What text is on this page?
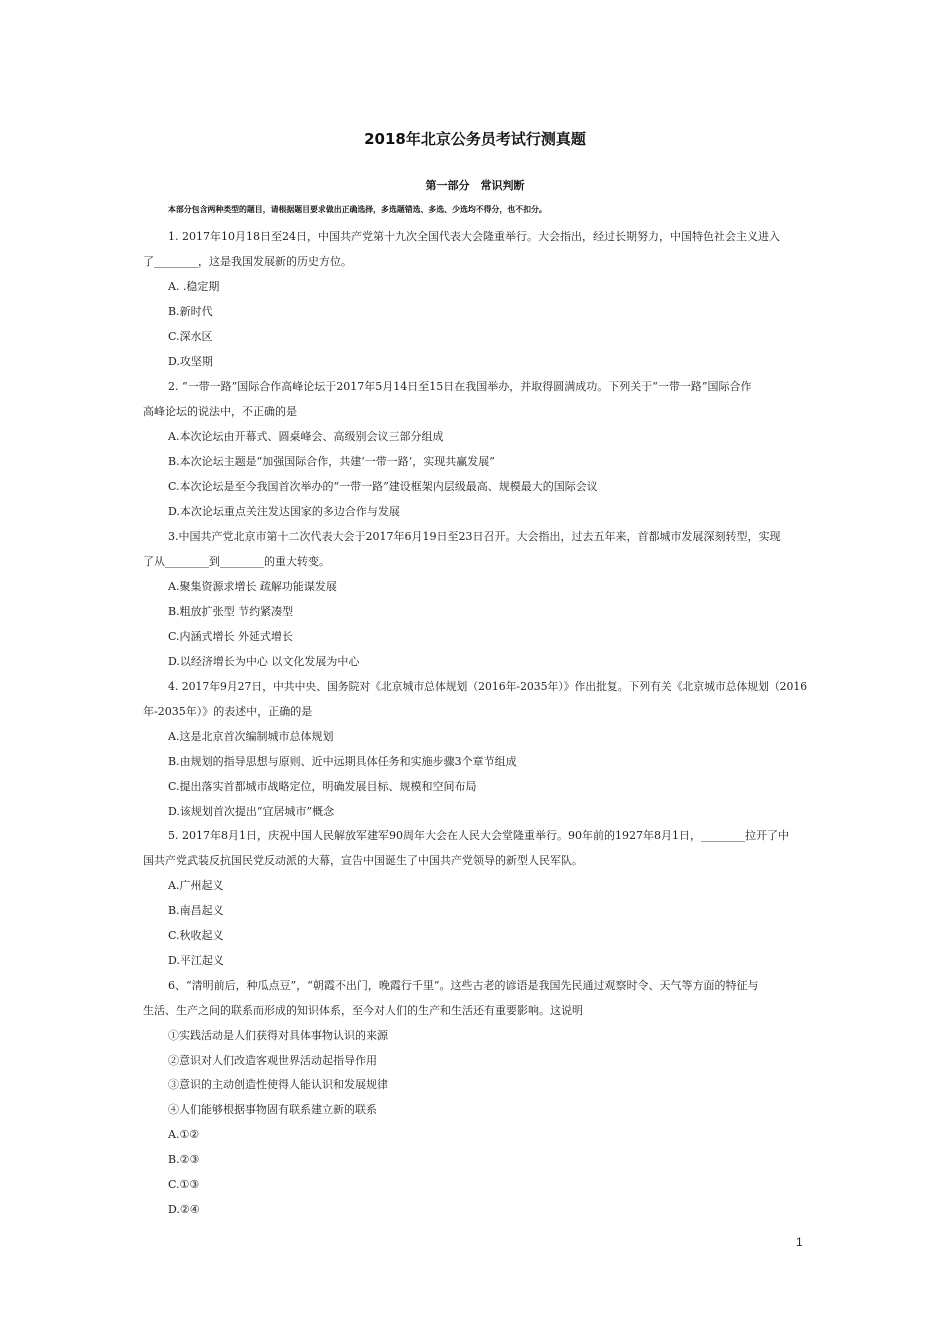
2018年北京公务员考试行测真题
第一部分　常识判断
本部分包含两种类型的题目，请根据题目要求做出正确选择，多选题错选、多选、少选均不得分，也不扣分。
1. 2017年10月18日至24日，中国共产党第十九次全国代表大会隆重举行。大会指出，经过长期努力，中国特色社会主义进入
了________，这是我国发展新的历史方位。
A. .稳定期
B.新时代
C.深水区
D.攻坚期
2. “一带一路”国际合作高峰论坛于2017年5月14日至15日在我国举办，并取得圆满成功。下列关于“一带一路”国际合作
高峰论坛的说法中，不正确的是
A.本次论坛由开幕式、圆桌峰会、高级别会议三部分组成
B.本次论坛主题是“加强国际合作，共建‘一带一路’，实现共赢发展”
C.本次论坛是至今我国首次举办的“一带一路”建设框架内层级最高、规模最大的国际会议
D.本次论坛重点关注发达国家的多边合作与发展
3.中国共产党北京市第十二次代表大会于2017年6月19日至23日召开。大会指出，过去五年来，首都城市发展深刻转型，实现
了从________到________的重大转变。
A.聚集资源求增长 疏解功能谋发展
B.粗放扩张型 节约紧凑型
C.内涵式增长 外延式增长
D.以经济增长为中心 以文化发展为中心
4. 2017年9月27日，中共中央、国务院对《北京城市总体规划（2016年-2035年）》作出批复。下列有关《北京城市总体规划（2016
年-2035年）》的表述中，正确的是
A.这是北京首次编制城市总体规划
B.由规划的指导思想与原则、近中远期具体任务和实施步骤3个章节组成
C.提出落实首都城市战略定位，明确发展目标、规模和空间布局
D.该规划首次提出“宜居城市”概念
5. 2017年8月1日，庆祝中国人民解放军建军90周年大会在人民大会堂隆重举行。90年前的1927年8月1日，________拉开了中
国共产党武装反抗国民党反动派的大幕，宣告中国诞生了中国共产党领导的新型人民军队。
A.广州起义
B.南昌起义
C.秋收起义
D.平江起义
6、“清明前后，种瓜点豆”，“朝霞不出门，晚霞行千里”。这些古老的谚语是我国先民通过观察时令、天气等方面的特征与
生活、生产之间的联系而形成的知识体系，至今对人们的生产和生活还有重要影响。这说明
①实践活动是人们获得对具体事物认识的来源
②意识对人们改造客观世界活动起指导作用
③意识的主动创造性使得人能认识和发展规律
④人们能够根据事物固有联系建立新的联系
A.①②
B.②③
C.①③
D.②④
1
